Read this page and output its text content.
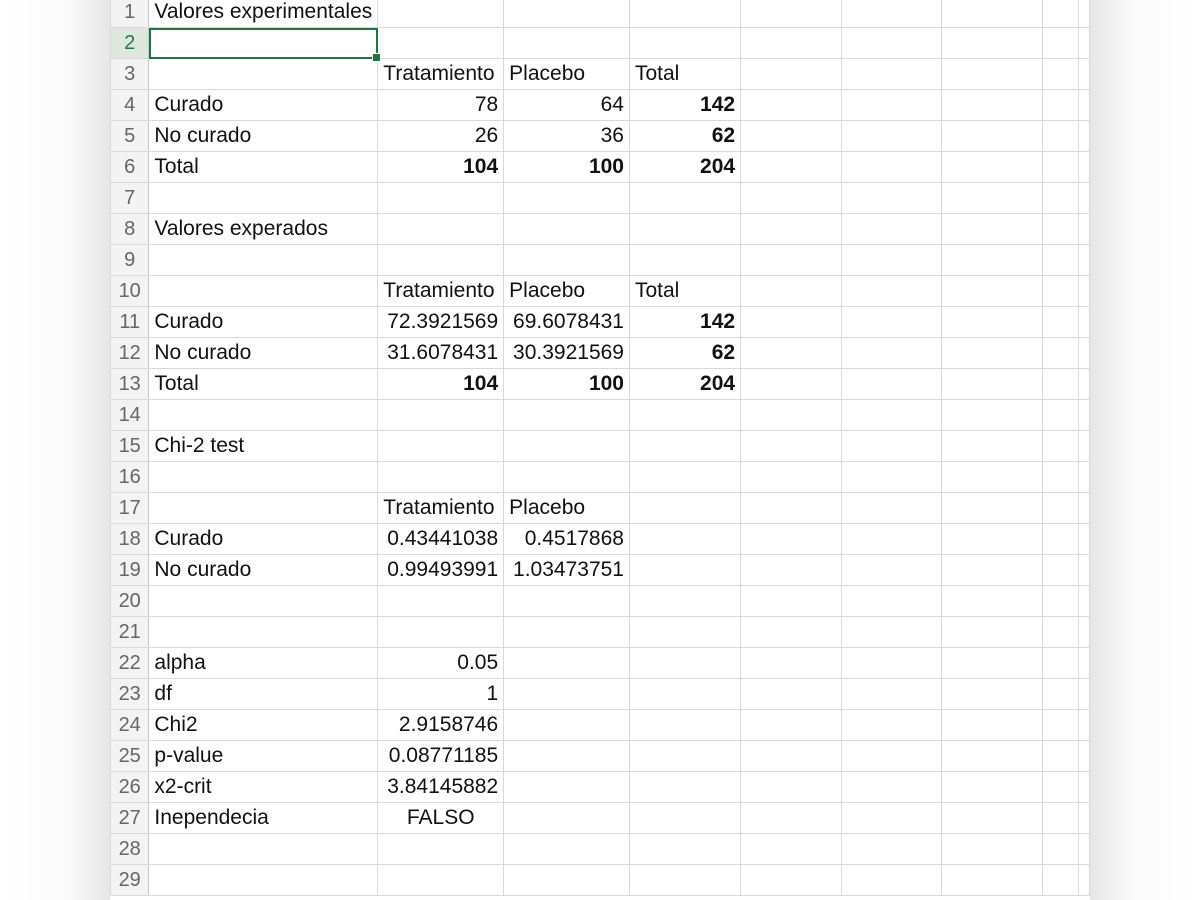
1	Valores experimentales								
2	

3		Tratamiento	Placebo	Total					
4	Curado	78	64	142					
5	No curado	26	36	62					
6	Total	104	100	204					
7									
8	Valores experados								
9									
10		Tratamiento	Placebo	Total					
11	Curado	72.3921569	69.6078431	142					
12	No curado	31.6078431	30.3921569	62					
13	Total	104	100	204					
14									
15	Chi-2 test								
16									
17		Tratamiento	Placebo						
18	Curado	0.43441038	0.4517868						
19	No curado	0.99493991	1.03473751						
20									
21									
22	alpha	0.05							
23	df	1							
24	Chi2	2.9158746							
25	p-value	0.08771185							
26	x2-crit	3.84145882							
27	Inependecia	FALSO							
28									
29									
